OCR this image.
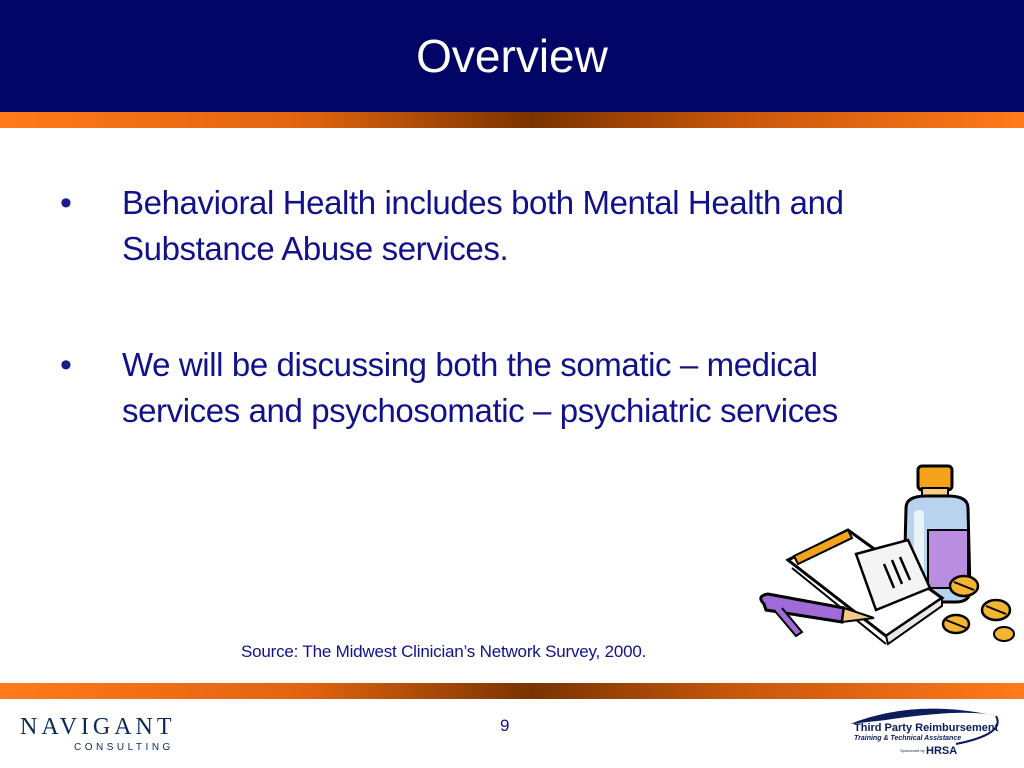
Overview
• Behavioral Health includes both Mental Health and Substance Abuse services.
• We will be discussing both the somatic – medical services and psychosomatic – psychiatric services
Source: The Midwest Clinician’s Network Survey, 2000.
NAVIGANT
CONSULTING
9	Third Party Reimbursement
Training & Technical Assistance
Sponsored by HRSA
